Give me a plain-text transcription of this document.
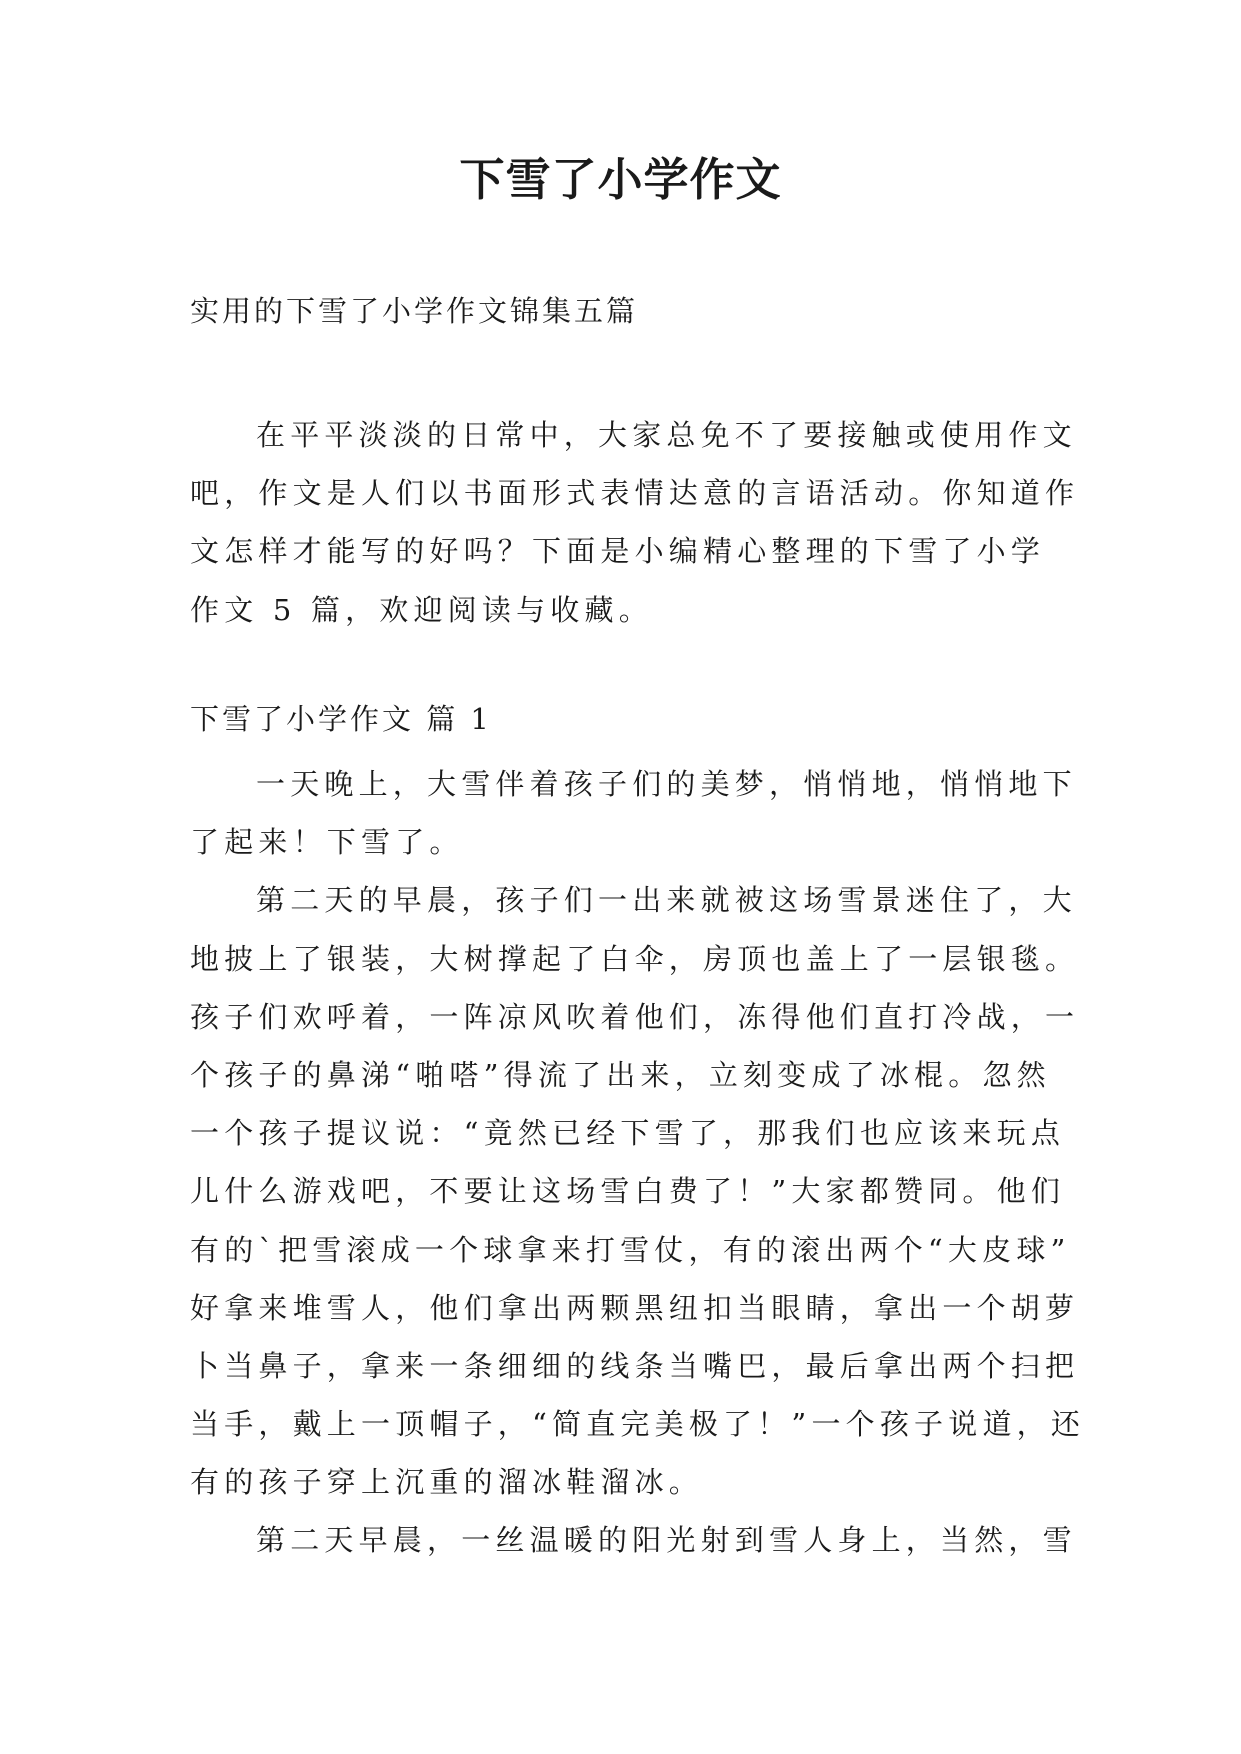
下雪了小学作文

实用的下雪了小学作文锦集五篇

在平平淡淡的日常中，大家总免不了要接触或使用作文
吧，作文是人们以书面形式表情达意的言语活动。你知道作
文怎样才能写的好吗？下面是小编精心整理的下雪了小学
作文 5 篇，欢迎阅读与收藏。

下雪了小学作文 篇 1

一天晚上，大雪伴着孩子们的美梦，悄悄地，悄悄地下
了起来！下雪了。
第二天的早晨，孩子们一出来就被这场雪景迷住了，大
地披上了银装，大树撑起了白伞，房顶也盖上了一层银毯。
孩子们欢呼着，一阵凉风吹着他们，冻得他们直打冷战，一
个孩子的鼻涕“啪嗒”得流了出来，立刻变成了冰棍。忽然
一个孩子提议说：“竟然已经下雪了，那我们也应该来玩点
儿什么游戏吧，不要让这场雪白费了！”大家都赞同。他们
有的`把雪滚成一个球拿来打雪仗，有的滚出两个“大皮球”
好拿来堆雪人，他们拿出两颗黑纽扣当眼睛，拿出一个胡萝
卜当鼻子，拿来一条细细的线条当嘴巴，最后拿出两个扫把
当手，戴上一顶帽子，“简直完美极了！”一个孩子说道，还
有的孩子穿上沉重的溜冰鞋溜冰。
第二天早晨，一丝温暖的阳光射到雪人身上，当然，雪
